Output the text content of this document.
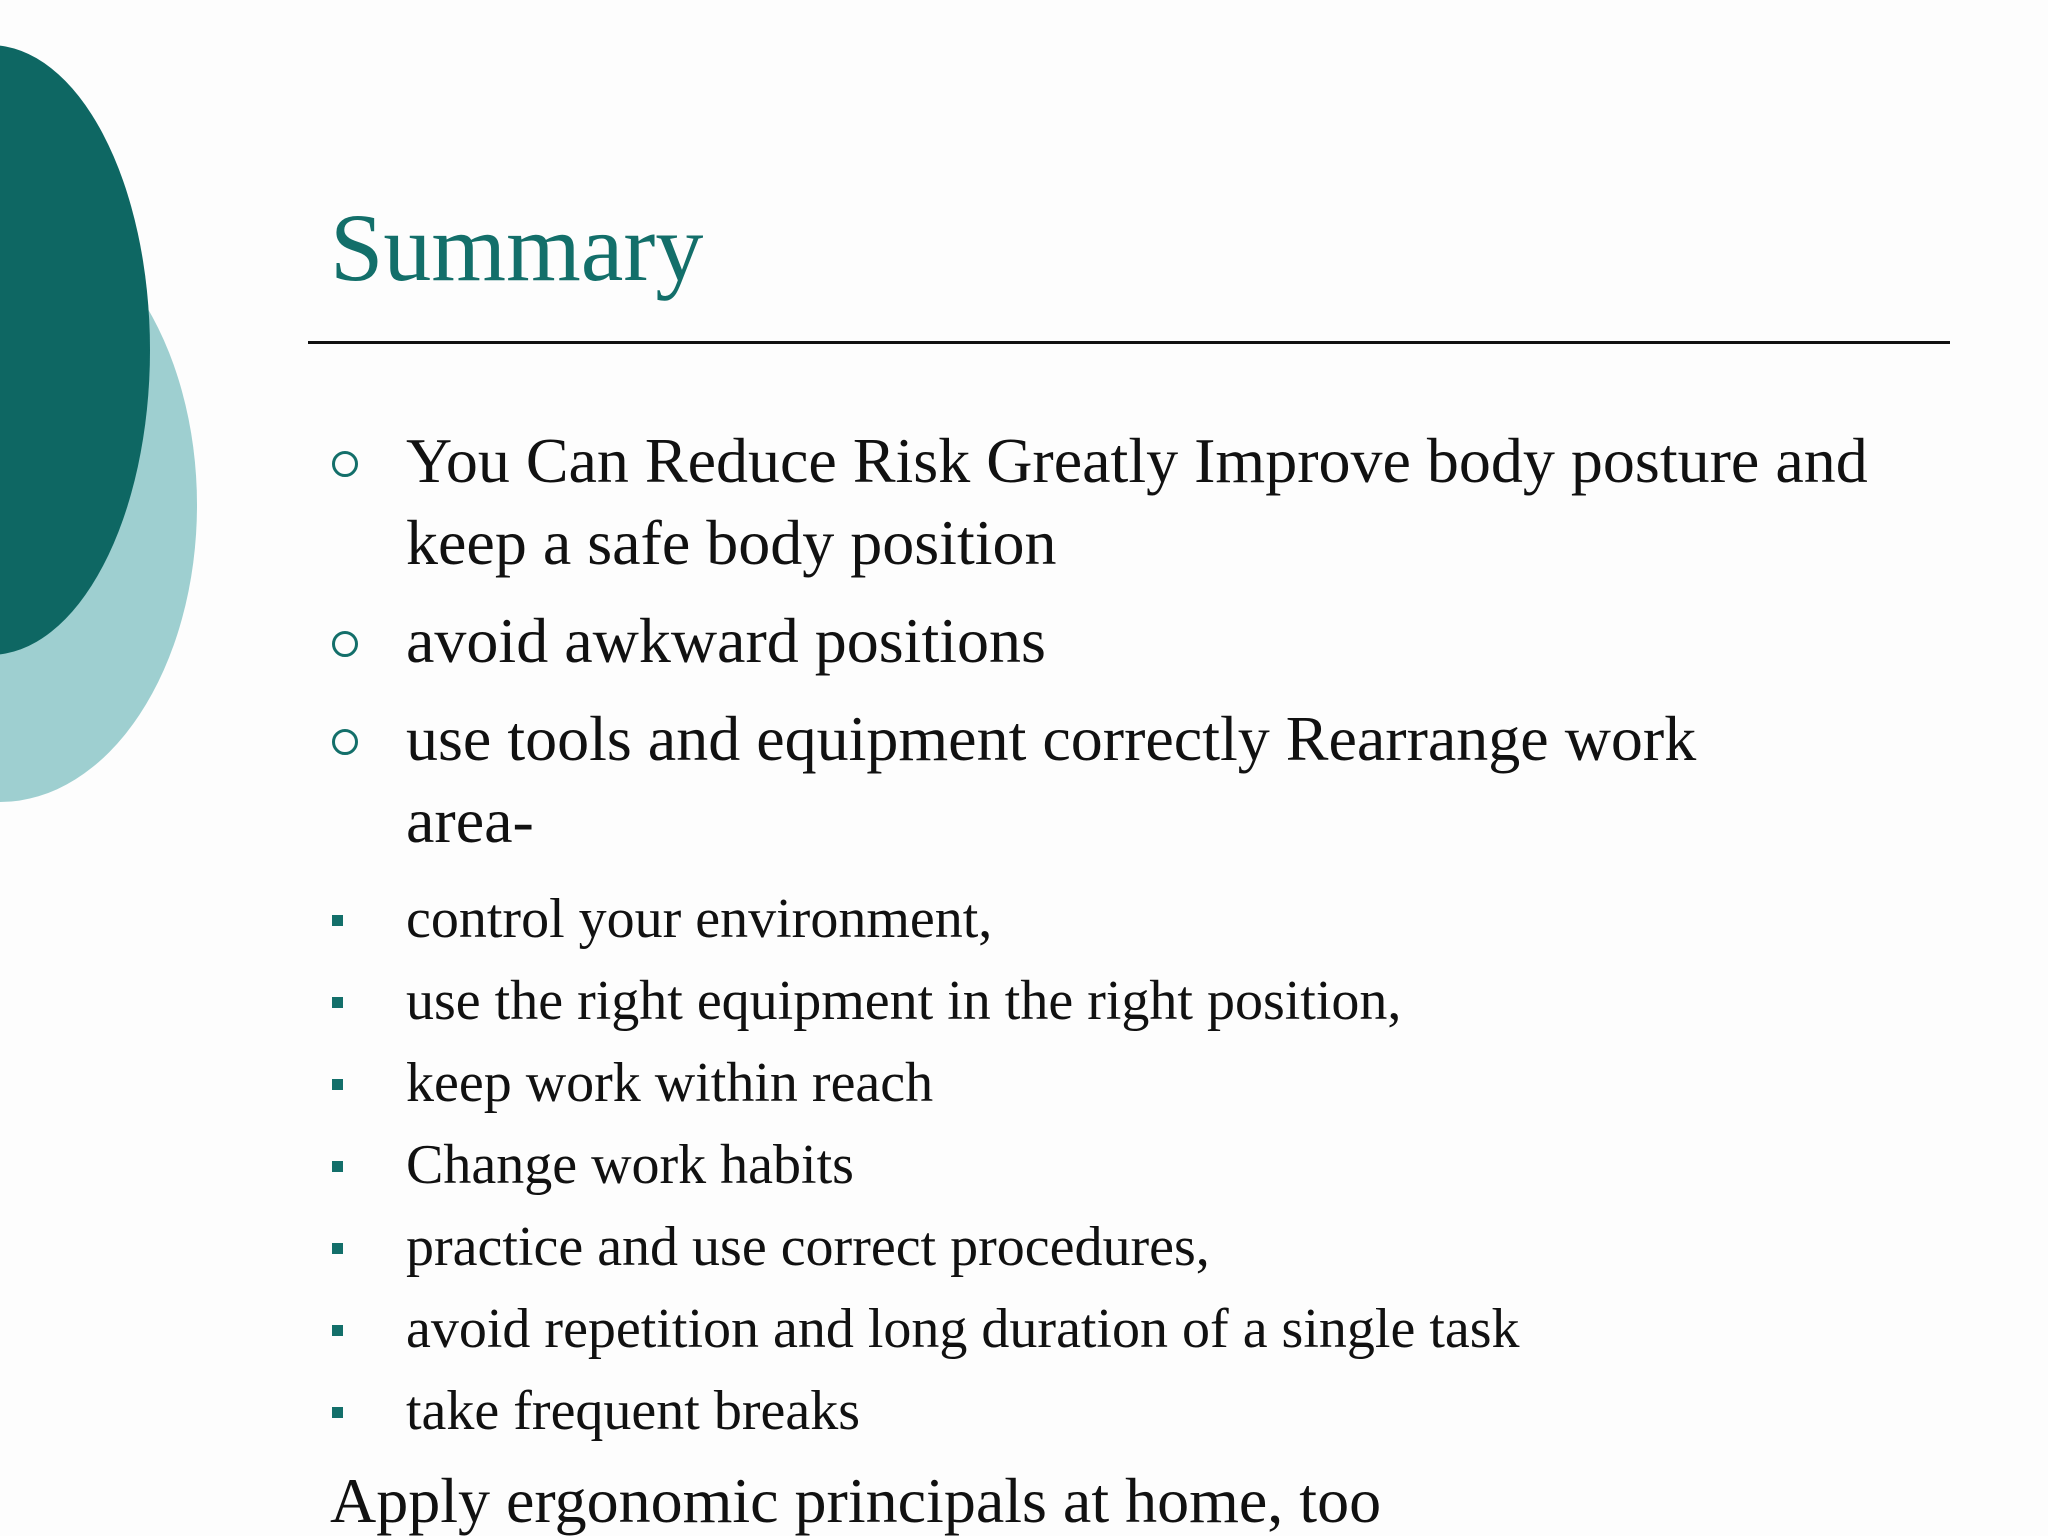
Summary
You Can Reduce Risk Greatly Improve body posture and keep a safe body position
avoid awkward positions
use tools and equipment correctly Rearrange work area-
control your environment,
use the right equipment in the right position,
keep work within reach
Change work habits
practice and use correct procedures,
avoid repetition and long duration of a single task
take frequent breaks

Apply ergonomic principals at home, too
